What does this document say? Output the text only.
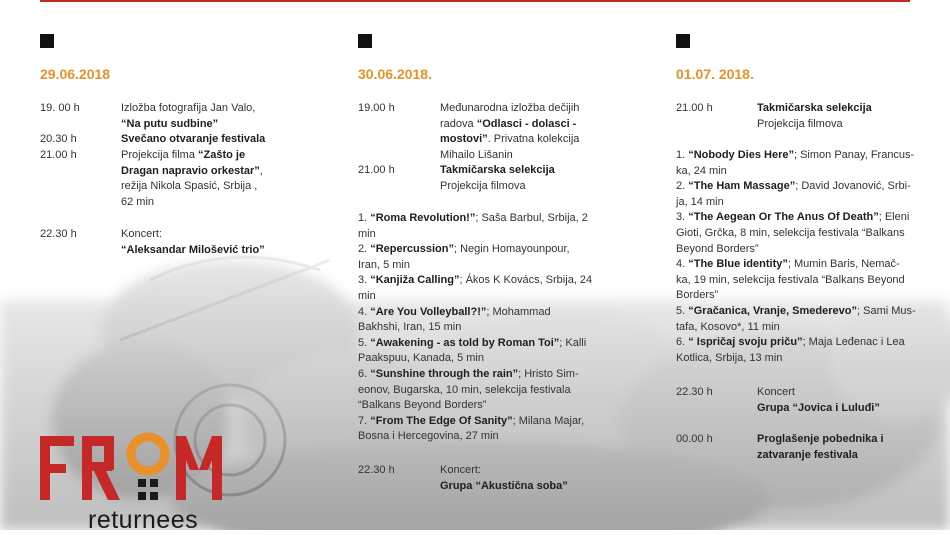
29.06.2018
19. 00 h	Izložba fotografija Jan Valo,
“Na putu sudbine”
20.30 h	Svečano otvaranje festivala
21.00 h	Projekcija filma “Zašto je
Dragan napravio orkestar”,
režija Nikola Spasić, Srbija ,
62 min
22.30 h	Koncert:
“Aleksandar Milošević trio”
30.06.2018.
19.00 h	Međunarodna izložba dečijih
radova “Odlasci - dolasci -
mostovi”. Privatna kolekcija
Mihailo Lišanin
21.00 h	Takmičarska selekcija
Projekcija filmova
1. “Roma Revolution!”; Saša Barbul, Srbija, 2
min
2. “Repercussion”; Negin Homayounpour,
Iran, 5 min
3. “Kanjiža Calling”; Ákos K Kovács, Srbija, 24
min
4. “Are You Volleyball?!”; Mohammad
Bakhshi, Iran, 15 min
5. “Awakening - as told by Roman Toi”; Kalli
Paakspuu, Kanada, 5 min
6. “Sunshine through the rain”; Hristo Sim-
eonov, Bugarska, 10 min, selekcija festivala
“Balkans Beyond Borders”
7. “From The Edge Of Sanity”; Milana Majar,
Bosna i Hercegovina, 27 min
22.30 h	Koncert:
Grupa “Akustična soba”
01.07. 2018.
21.00 h	Takmičarska selekcija
Projekcija filmova
1. “Nobody Dies Here”; Simon Panay, Francus-
ka, 24 min
2. “The Ham Massage”; David Jovanović, Srbi-
ja, 14 min
3. “The Aegean Or The Anus Of Death”; Eleni
Gioti, Grčka, 8 min, selekcija festivala “Balkans
Beyond Borders”
4. “The Blue identity”; Mumin Baris, Nemač-
ka, 19 min, selekcija festivala “Balkans Beyond
Borders”
5. “Gračanica, Vranje, Smederevo”; Sami Mus-
tafa, Kosovo*, 11 min
6. “ Ispričaj svoju priču”; Maja Leđenac i Lea
Kotlica, Srbija, 13 min
22.30 h	Koncert
Grupa “Jovica i Luluđi”
00.00 h	Proglašenje pobednika i
zatvaranje festivala
returnees
